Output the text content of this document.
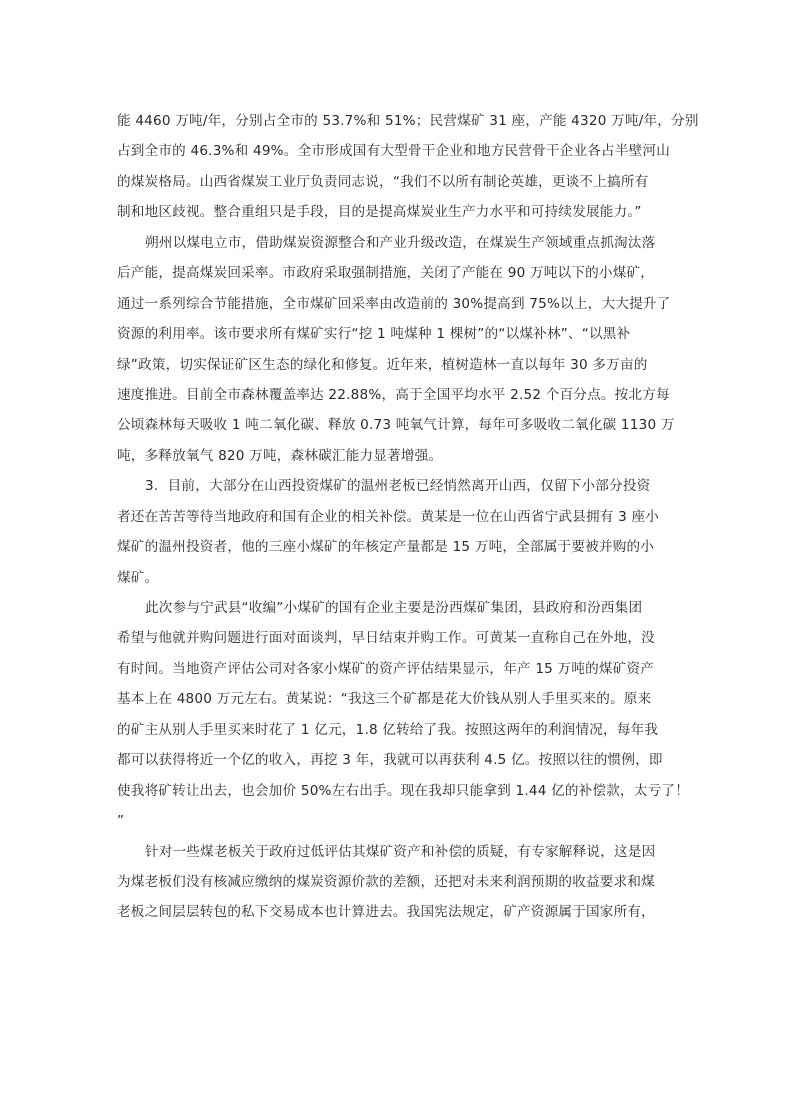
能 4460 万吨/年，分别占全市的 53.7%和 51%；民营煤矿 31 座，产能 4320 万吨/年，分别
占到全市的 46.3%和 49%。全市形成国有大型骨干企业和地方民营骨干企业各占半壁河山
的煤炭格局。山西省煤炭工业厅负责同志说，“我们不以所有制论英雄，更谈不上搞所有
制和地区歧视。整合重组只是手段，目的是提高煤炭业生产力水平和可持续发展能力。”
朔州以煤电立市，借助煤炭资源整合和产业升级改造，在煤炭生产领域重点抓淘汰落
后产能，提高煤炭回采率。市政府采取强制措施，关闭了产能在 90 万吨以下的小煤矿，
通过一系列综合节能措施，全市煤矿回采率由改造前的 30%提高到 75%以上，大大提升了
资源的利用率。该市要求所有煤矿实行“挖 1 吨煤种 1 棵树”的“以煤补林”、“以黑补
绿”政策，切实保证矿区生态的绿化和修复。近年来，植树造林一直以每年 30 多万亩的
速度推进。目前全市森林覆盖率达 22.88%，高于全国平均水平 2.52 个百分点。按北方每
公顷森林每天吸收 1 吨二氧化碳、释放 0.73 吨氧气计算，每年可多吸收二氧化碳 1130 万
吨，多释放氧气 820 万吨，森林碳汇能力显著增强。
3．目前，大部分在山西投资煤矿的温州老板已经悄然离开山西，仅留下小部分投资
者还在苦苦等待当地政府和国有企业的相关补偿。黄某是一位在山西省宁武县拥有 3 座小
煤矿的温州投资者，他的三座小煤矿的年核定产量都是 15 万吨，全部属于要被并购的小
煤矿。
此次参与宁武县“收编”小煤矿的国有企业主要是汾西煤矿集团，县政府和汾西集团
希望与他就并购问题进行面对面谈判，早日结束并购工作。可黄某一直称自己在外地，没
有时间。当地资产评估公司对各家小煤矿的资产评估结果显示，年产 15 万吨的煤矿资产
基本上在 4800 万元左右。黄某说：“我这三个矿都是花大价钱从别人手里买来的。原来
的矿主从别人手里买来时花了 1 亿元，1.8 亿转给了我。按照这两年的利润情况，每年我
都可以获得将近一个亿的收入，再挖 3 年，我就可以再获利 4.5 亿。按照以往的惯例，即
使我将矿转让出去，也会加价 50%左右出手。现在我却只能拿到 1.44 亿的补偿款，太亏了！
”
针对一些煤老板关于政府过低评估其煤矿资产和补偿的质疑，有专家解释说，这是因
为煤老板们没有核减应缴纳的煤炭资源价款的差额，还把对未来利润预期的收益要求和煤
老板之间层层转包的私下交易成本也计算进去。我国宪法规定，矿产资源属于国家所有，
